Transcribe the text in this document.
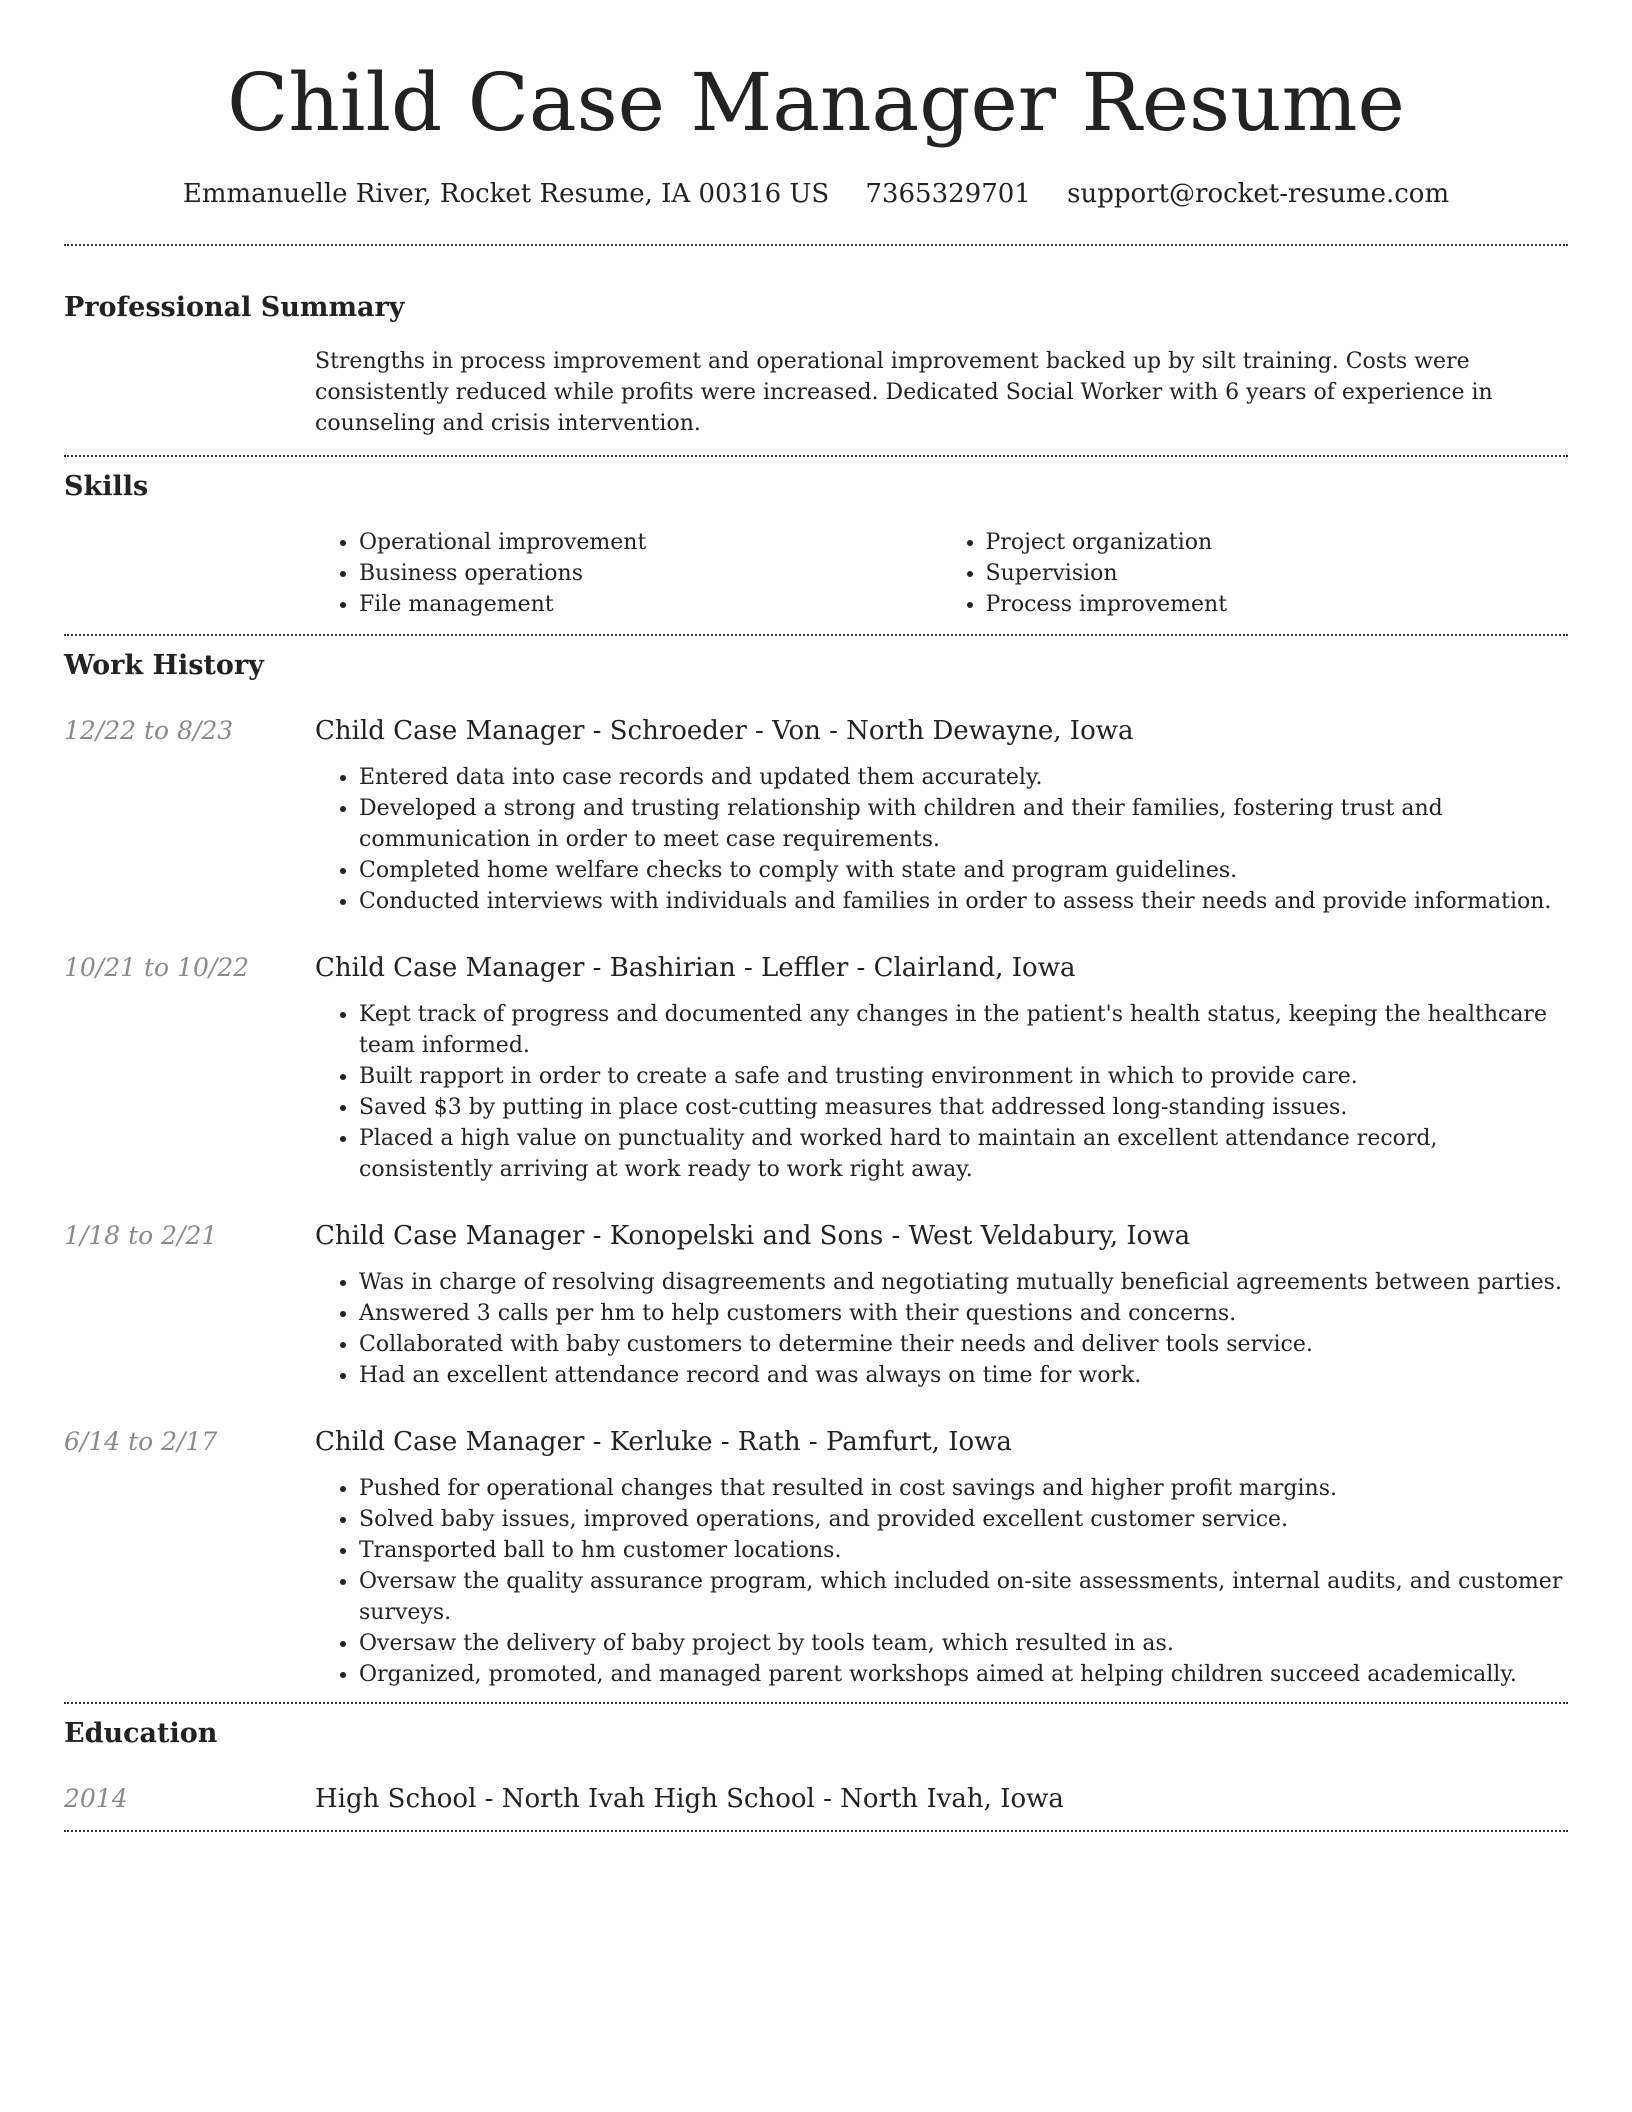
Child Case Manager Resume
Emmanuelle River, Rocket Resume, IA 00316 US 7365329701 support@rocket-resume.com
Professional Summary
Strengths in process improvement and operational improvement backed up by silt training. Costs were consistently reduced while profits were increased. Dedicated Social Worker with 6 years of experience in counseling and crisis intervention.
Skills
• Operational improvement
• Business operations
• File management
• Project organization
• Supervision
• Process improvement
Work History
12/22 to 8/23	Child Case Manager - Schroeder - Von - North Dewayne, Iowa
• Entered data into case records and updated them accurately.
• Developed a strong and trusting relationship with children and their families, fostering trust and communication in order to meet case requirements.
• Completed home welfare checks to comply with state and program guidelines.
• Conducted interviews with individuals and families in order to assess their needs and provide information.
10/21 to 10/22	Child Case Manager - Bashirian - Leffler - Clairland, Iowa
• Kept track of progress and documented any changes in the patient's health status, keeping the healthcare team informed.
• Built rapport in order to create a safe and trusting environment in which to provide care.
• Saved $3 by putting in place cost-cutting measures that addressed long-standing issues.
• Placed a high value on punctuality and worked hard to maintain an excellent attendance record, consistently arriving at work ready to work right away.
1/18 to 2/21	Child Case Manager - Konopelski and Sons - West Veldabury, Iowa
• Was in charge of resolving disagreements and negotiating mutually beneficial agreements between parties.
• Answered 3 calls per hm to help customers with their questions and concerns.
• Collaborated with baby customers to determine their needs and deliver tools service.
• Had an excellent attendance record and was always on time for work.
6/14 to 2/17	Child Case Manager - Kerluke - Rath - Pamfurt, Iowa
• Pushed for operational changes that resulted in cost savings and higher profit margins.
• Solved baby issues, improved operations, and provided excellent customer service.
• Transported ball to hm customer locations.
• Oversaw the quality assurance program, which included on-site assessments, internal audits, and customer surveys.
• Oversaw the delivery of baby project by tools team, which resulted in as.
• Organized, promoted, and managed parent workshops aimed at helping children succeed academically.
Education
2014	High School - North Ivah High School - North Ivah, Iowa
